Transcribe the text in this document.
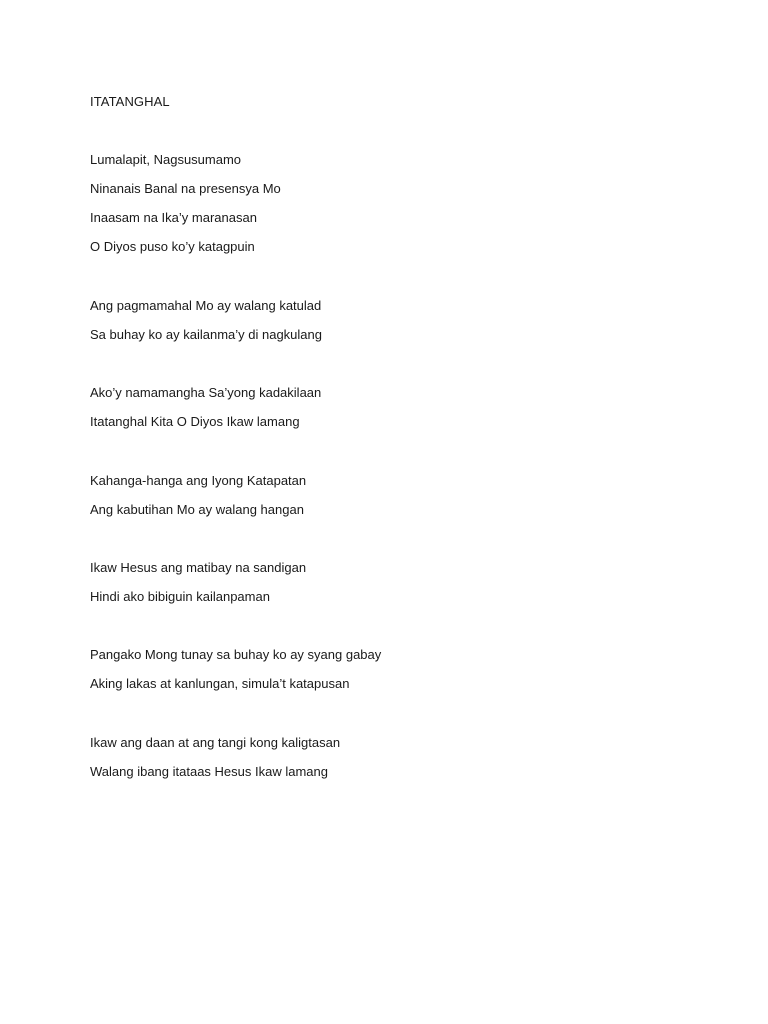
ITATANGHAL
Lumalapit, Nagsusumamo
Ninanais Banal na presensya Mo
Inaasam na Ika’y maranasan
O Diyos puso ko’y katagpuin
Ang pagmamahal Mo ay walang katulad
Sa buhay ko ay kailanma’y di nagkulang
Ako’y namamangha Sa’yong kadakilaan
Itatanghal Kita O Diyos Ikaw lamang
Kahanga-hanga ang Iyong Katapatan
Ang kabutihan Mo ay walang hangan
Ikaw Hesus ang matibay na sandigan
Hindi ako bibiguin kailanpaman
Pangako Mong tunay sa buhay ko ay syang gabay
Aking lakas at kanlungan, simula’t katapusan
Ikaw ang daan at ang tangi kong kaligtasan
Walang ibang itataas Hesus Ikaw lamang
